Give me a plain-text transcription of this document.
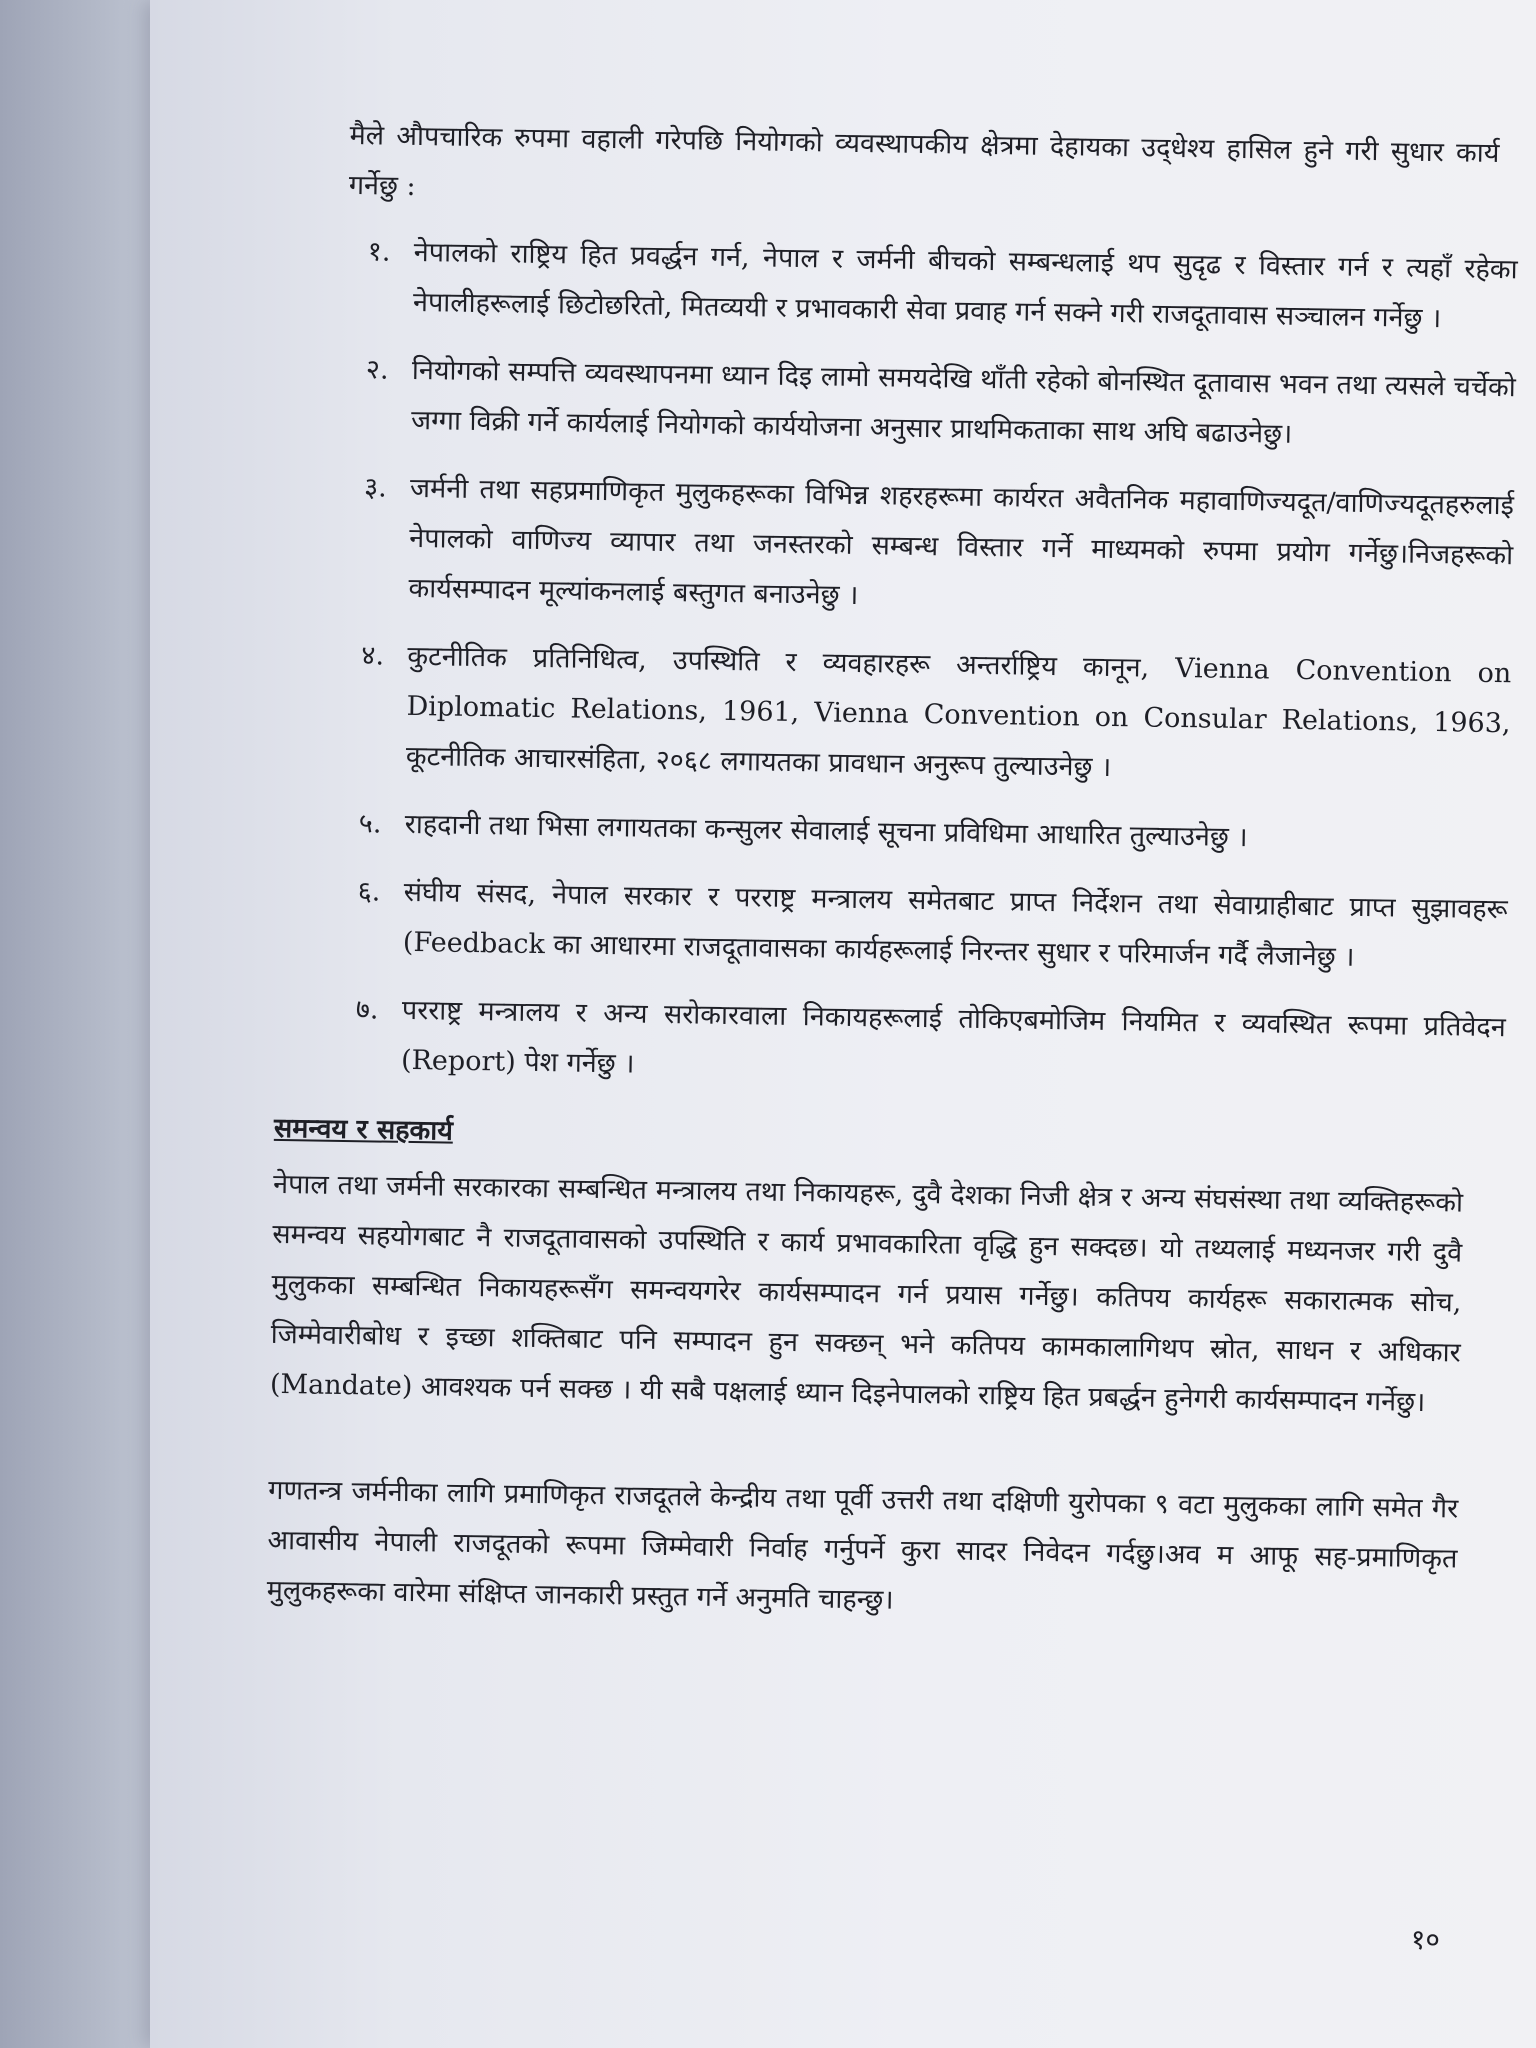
मैले औपचारिक रुपमा वहाली गरेपछि नियोगको व्यवस्थापकीय क्षेत्रमा देहायका उद्‌धेश्य हासिल हुने गरी सुधार कार्य गर्नेछु :

१. नेपालको राष्ट्रिय हित प्रवर्द्धन गर्न, नेपाल र जर्मनी बीचको सम्बन्धलाई थप सुदृढ र विस्तार गर्न र त्यहाँ रहेका नेपालीहरूलाई छिटोछरितो, मितव्ययी र प्रभावकारी सेवा प्रवाह गर्न सक्ने गरी राजदूतावास सञ्चालन गर्नेछु ।
२. नियोगको सम्पत्ति व्यवस्थापनमा ध्यान दिइ लामो समयदेखि थाँती रहेको बोनस्थित दूतावास भवन तथा त्यसले चर्चेको जग्गा विक्री गर्ने कार्यलाई नियोगको कार्ययोजना अनुसार प्राथमिकताका साथ अघि बढाउनेछु।
३. जर्मनी तथा सहप्रमाणिकृत मुलुकहरूका विभिन्न शहरहरूमा कार्यरत अवैतनिक महावाणिज्यदूत/वाणिज्यदूतहरुलाई नेपालको वाणिज्य व्यापार तथा जनस्तरको सम्बन्ध विस्तार गर्ने माध्यमको रुपमा प्रयोग गर्नेछु।निजहरूको कार्यसम्पादन मूल्यांकनलाई बस्तुगत बनाउनेछु ।
४. कुटनीतिक प्रतिनिधित्व, उपस्थिति र व्यवहारहरू अन्तर्राष्ट्रिय कानून, Vienna Convention on Diplomatic Relations, 1961, Vienna Convention on Consular Relations, 1963, कूटनीतिक आचारसंहिता, २०६८ लगायतका प्रावधान अनुरूप तुल्याउनेछु ।
५. राहदानी तथा भिसा लगायतका कन्सुलर सेवालाई सूचना प्रविधिमा आधारित तुल्याउनेछु ।
६. संघीय संसद, नेपाल सरकार र परराष्ट्र मन्त्रालय समेतबाट प्राप्त निर्देशन तथा सेवाग्राहीबाट प्राप्त सुझावहरू (Feedback का आधारमा राजदूतावासका कार्यहरूलाई निरन्तर सुधार र परिमार्जन गर्दै लैजानेछु ।
७. परराष्ट्र मन्त्रालय र अन्य सरोकारवाला निकायहरूलाई तोकिएबमोजिम नियमित र व्यवस्थित रूपमा प्रतिवेदन (Report) पेश गर्नेछु ।
समन्वय र सहकार्य

नेपाल तथा जर्मनी सरकारका सम्बन्धित मन्त्रालय तथा निकायहरू, दुवै देशका निजी क्षेत्र र अन्य संघसंस्था तथा व्यक्तिहरूको समन्वय सहयोगबाट नै राजदूतावासको उपस्थिति र कार्य प्रभावकारिता वृद्धि हुन सक्दछ। यो तथ्यलाई मध्यनजर गरी दुवै मुलुकका सम्बन्धित निकायहरूसँग समन्वयगरेर कार्यसम्पादन गर्न प्रयास गर्नेछु। कतिपय कार्यहरू सकारात्मक सोच, जिम्मेवारीबोध र इच्छा शक्तिबाट पनि सम्पादन हुन सक्छन् भने कतिपय कामकालागिथप स्रोत, साधन र अधिकार (Mandate) आवश्यक पर्न सक्छ । यी सबै पक्षलाई ध्यान दिइनेपालको राष्ट्रिय हित प्रबर्द्धन हुनेगरी कार्यसम्पादन गर्नेछु।

गणतन्त्र जर्मनीका लागि प्रमाणिकृत राजदूतले केन्द्रीय तथा पूर्वी उत्तरी तथा दक्षिणी युरोपका ९ वटा मुलुकका लागि समेत गैर आवासीय नेपाली राजदूतको रूपमा जिम्मेवारी निर्वाह गर्नुपर्ने कुरा सादर निवेदन गर्दछु।अव म आफू सह-प्रमाणिकृत मुलुकहरूका वारेमा संक्षिप्त जानकारी प्रस्तुत गर्ने अनुमति चाहन्छु।

१०
